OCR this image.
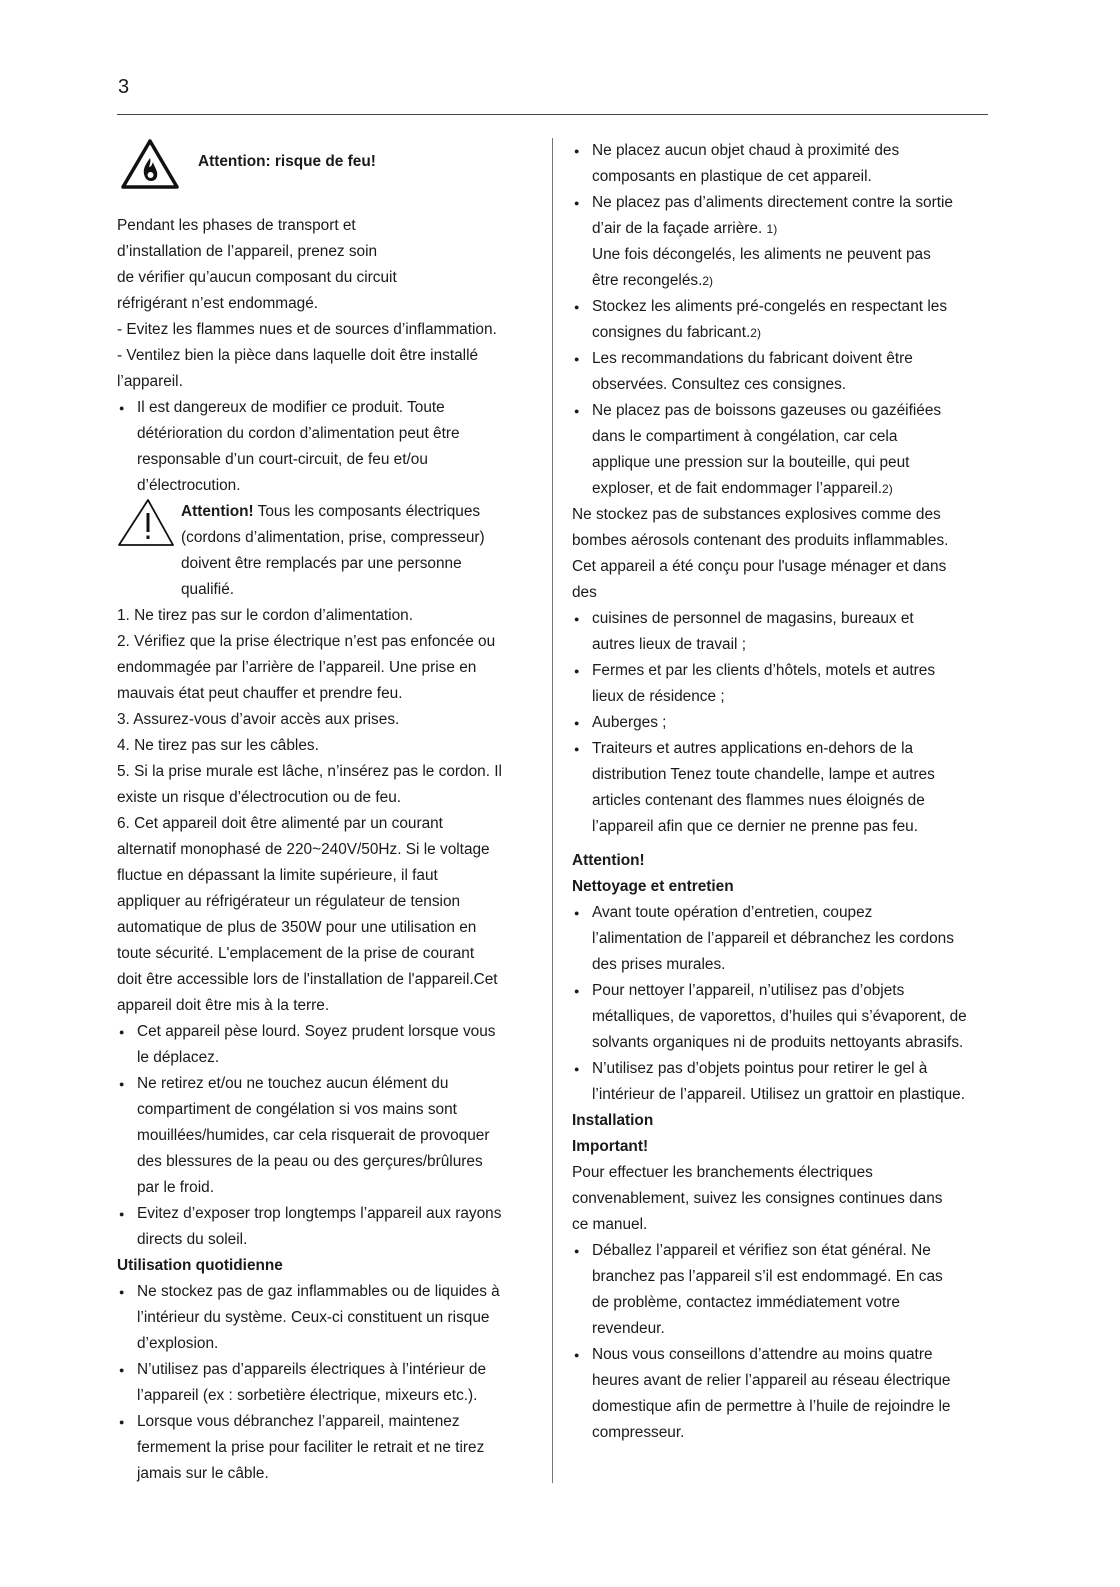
3
Attention: risque de feu!

Pendant les phases de transport et

d’installation de l’appareil, prenez soin

de vérifier qu’aucun composant du circuit

réfrigérant n’est endommagé.

- Evitez les flammes nues et de sources d’inflammation.

- Ventilez bien la pièce dans laquelle doit être installé

l’appareil.

● Il est dangereux de modifier ce produit. Toute

détérioration du cordon d’alimentation peut être

responsable d’un court-circuit, de feu et/ou

d’électrocution.

Attention! Tous les composants électriques

(cordons d’alimentation, prise, compresseur)

doivent être remplacés par une personne

qualifié.

1. Ne tirez pas sur le cordon d’alimentation.

2. Vérifiez que la prise électrique n’est pas enfoncée ou

endommagée par l’arrière de l’appareil. Une prise en

mauvais état peut chauffer et prendre feu.

3. Assurez-vous d’avoir accès aux prises.

4. Ne tirez pas sur les câbles.

5. Si la prise murale est lâche, n’insérez pas le cordon. Il

existe un risque d’électrocution ou de feu.

6. Cet appareil doit être alimenté par un courant

alternatif monophasé de 220~240V/50Hz. Si le voltage

fluctue en dépassant la limite supérieure, il faut

appliquer au réfrigérateur un régulateur de tension

automatique de plus de 350W pour une utilisation en

toute sécurité. L'emplacement de la prise de courant

doit être accessible lors de l'installation de l'appareil.Cet

appareil doit être mis à la terre.

● Cet appareil pèse lourd. Soyez prudent lorsque vous

le déplacez.

● Ne retirez et/ou ne touchez aucun élément du

compartiment de congélation si vos mains sont

mouillées/humides, car cela risquerait de provoquer

des blessures de la peau ou des gerçures/brûlures

par le froid.

● Evitez d’exposer trop longtemps l’appareil aux rayons

directs du soleil.

Utilisation quotidienne

● Ne stockez pas de gaz inflammables ou de liquides à

l’intérieur du système. Ceux-ci constituent un risque

d’explosion.

● N’utilisez pas d’appareils électriques à l’intérieur de

l’appareil (ex : sorbetière électrique, mixeurs etc.).

● Lorsque vous débranchez l’appareil, maintenez

fermement la prise pour faciliter le retrait et ne tirez

jamais sur le câble.

● Ne placez aucun objet chaud à proximité des

composants en plastique de cet appareil.

● Ne placez pas d’aliments directement contre la sortie

d’air de la façade arrière. 1)

Une fois décongelés, les aliments ne peuvent pas

être recongelés.2)

● Stockez les aliments pré-congelés en respectant les

consignes du fabricant.2)

● Les recommandations du fabricant doivent être

observées. Consultez ces consignes.

● Ne placez pas de boissons gazeuses ou gazéifiées

dans le compartiment à congélation, car cela

applique une pression sur la bouteille, qui peut

exploser, et de fait endommager l’appareil.2)

Ne stockez pas de substances explosives comme des

bombes aérosols contenant des produits inflammables.

Cet appareil a été conçu pour l'usage ménager et dans

des

● cuisines de personnel de magasins, bureaux et

autres lieux de travail ;

● Fermes et par les clients d’hôtels, motels et autres

lieux de résidence ;

● Auberges ;

● Traiteurs et autres applications en-dehors de la

distribution Tenez toute chandelle, lampe et autres

articles contenant des flammes nues éloignés de

l’appareil afin que ce dernier ne prenne pas feu.

Attention!

Nettoyage et entretien

● Avant toute opération d’entretien, coupez

l’alimentation de l’appareil et débranchez les cordons

des prises murales.

● Pour nettoyer l’appareil, n’utilisez pas d’objets

métalliques, de vaporettos, d’huiles qui s’évaporent, de

solvants organiques ni de produits nettoyants abrasifs.

● N’utilisez pas d’objets pointus pour retirer le gel à

l’intérieur de l’appareil. Utilisez un grattoir en plastique.

Installation

Important!

Pour effectuer les branchements électriques

convenablement, suivez les consignes continues dans

ce manuel.

● Déballez l’appareil et vérifiez son état général. Ne

branchez pas l’appareil s’il est endommagé. En cas

de problème, contactez immédiatement votre

revendeur.

● Nous vous conseillons d’attendre au moins quatre

heures avant de relier l’appareil au réseau électrique

domestique afin de permettre à l’huile de rejoindre le

compresseur.
